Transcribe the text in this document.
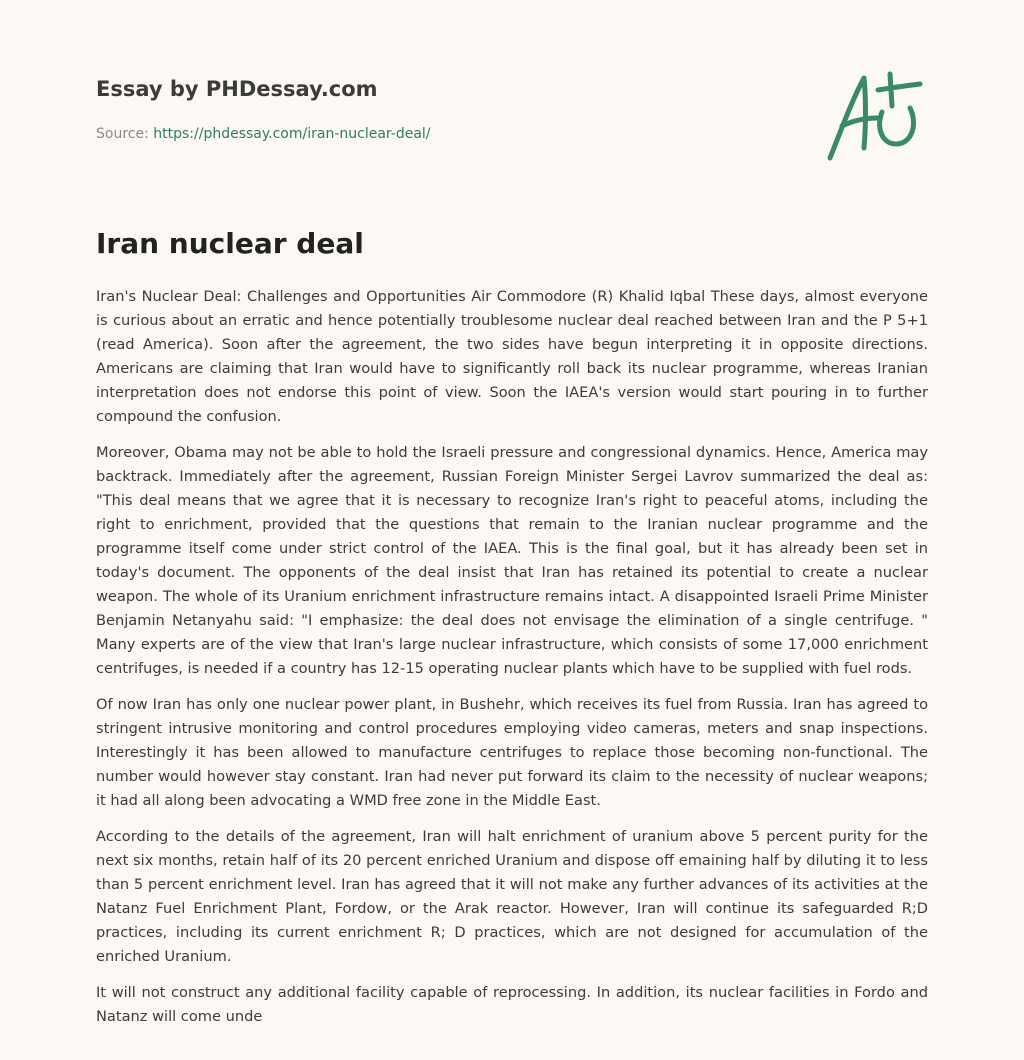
Essay by PHDessay.com
Source: https://phdessay.com/iran-nuclear-deal/
Iran nuclear deal

Iran's Nuclear Deal: Challenges and Opportunities Air Commodore (R) Khalid Iqbal These days, almost everyone is curious about an erratic and hence potentially troublesome nuclear deal reached between Iran and the P 5+1 (read America). Soon after the agreement, the two sides have begun interpreting it in opposite directions. Americans are claiming that Iran would have to significantly roll back its nuclear programme, whereas Iranian interpretation does not endorse this point of view. Soon the IAEA's version would start pouring in to further compound the confusion.

Moreover, Obama may not be able to hold the Israeli pressure and congressional dynamics. Hence, America may backtrack. Immediately after the agreement, Russian Foreign Minister Sergei Lavrov summarized the deal as: "This deal means that we agree that it is necessary to recognize Iran's right to peaceful atoms, including the right to enrichment, provided that the questions that remain to the Iranian nuclear programme and the programme itself come under strict control of the IAEA. This is the final goal, but it has already been set in today's document. The opponents of the deal insist that Iran has retained its potential to create a nuclear weapon. The whole of its Uranium enrichment infrastructure remains intact. A disappointed Israeli Prime Minister Benjamin Netanyahu said: "I emphasize: the deal does not envisage the elimination of a single centrifuge. " Many experts are of the view that Iran's large nuclear infrastructure, which consists of some 17,000 enrichment centrifuges, is needed if a country has 12-15 operating nuclear plants which have to be supplied with fuel rods.

Of now Iran has only one nuclear power plant, in Bushehr, which receives its fuel from Russia. Iran has agreed to stringent intrusive monitoring and control procedures employing video cameras, meters and snap inspections. Interestingly it has been allowed to manufacture centrifuges to replace those becoming non-functional. The number would however stay constant. Iran had never put forward its claim to the necessity of nuclear weapons; it had all along been advocating a WMD free zone in the Middle East.

According to the details of the agreement, Iran will halt enrichment of uranium above 5 percent purity for the next six months, retain half of its 20 percent enriched Uranium and dispose off emaining half by diluting it to less than 5 percent enrichment level. Iran has agreed that it will not make any further advances of its activities at the Natanz Fuel Enrichment Plant, Fordow, or the Arak reactor. However, Iran will continue its safeguarded R;D practices, including its current enrichment R; D practices, which are not designed for accumulation of the enriched Uranium.

It will not construct any additional facility capable of reprocessing. In addition, its nuclear facilities in Fordo and Natanz will come unde
